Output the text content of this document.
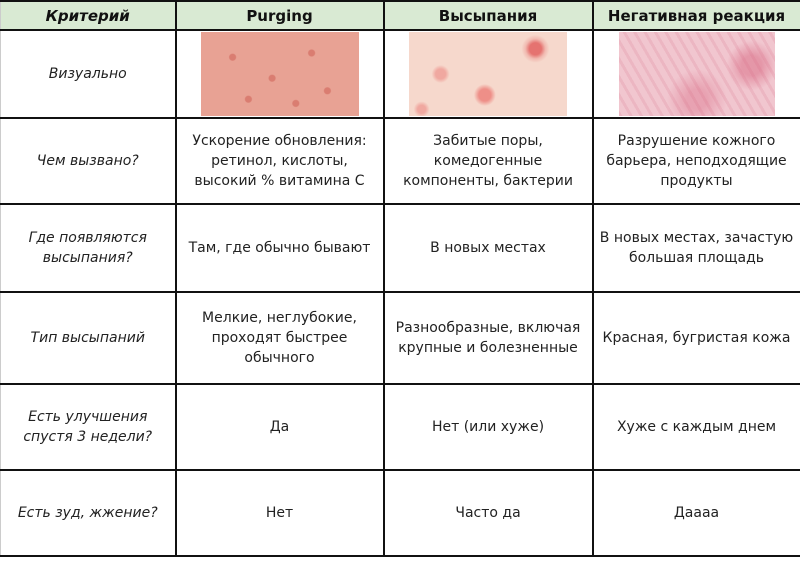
Критерий	Purging	Высыпания	Негативная реакция
Визуально	

Чем вызвано?	Ускорение обновления: ретинол, кислоты, высокий % витамина С	Забитые поры, комедогенные компоненты, бактерии	Разрушение кожного барьера, неподходящие продукты
Где появляются высыпания?	Там, где обычно бывают	В новых местах	В новых местах, зачастую большая площадь
Тип высыпаний	Мелкие, неглубокие, проходят быстрее обычного	Разнообразные, включая крупные и болезненные	Красная, бугристая кожа
Есть улучшения спустя 3 недели?	Да	Нет (или хуже)	Хуже с каждым днем
Есть зуд, жжение?	Нет	Часто да	Даааа
